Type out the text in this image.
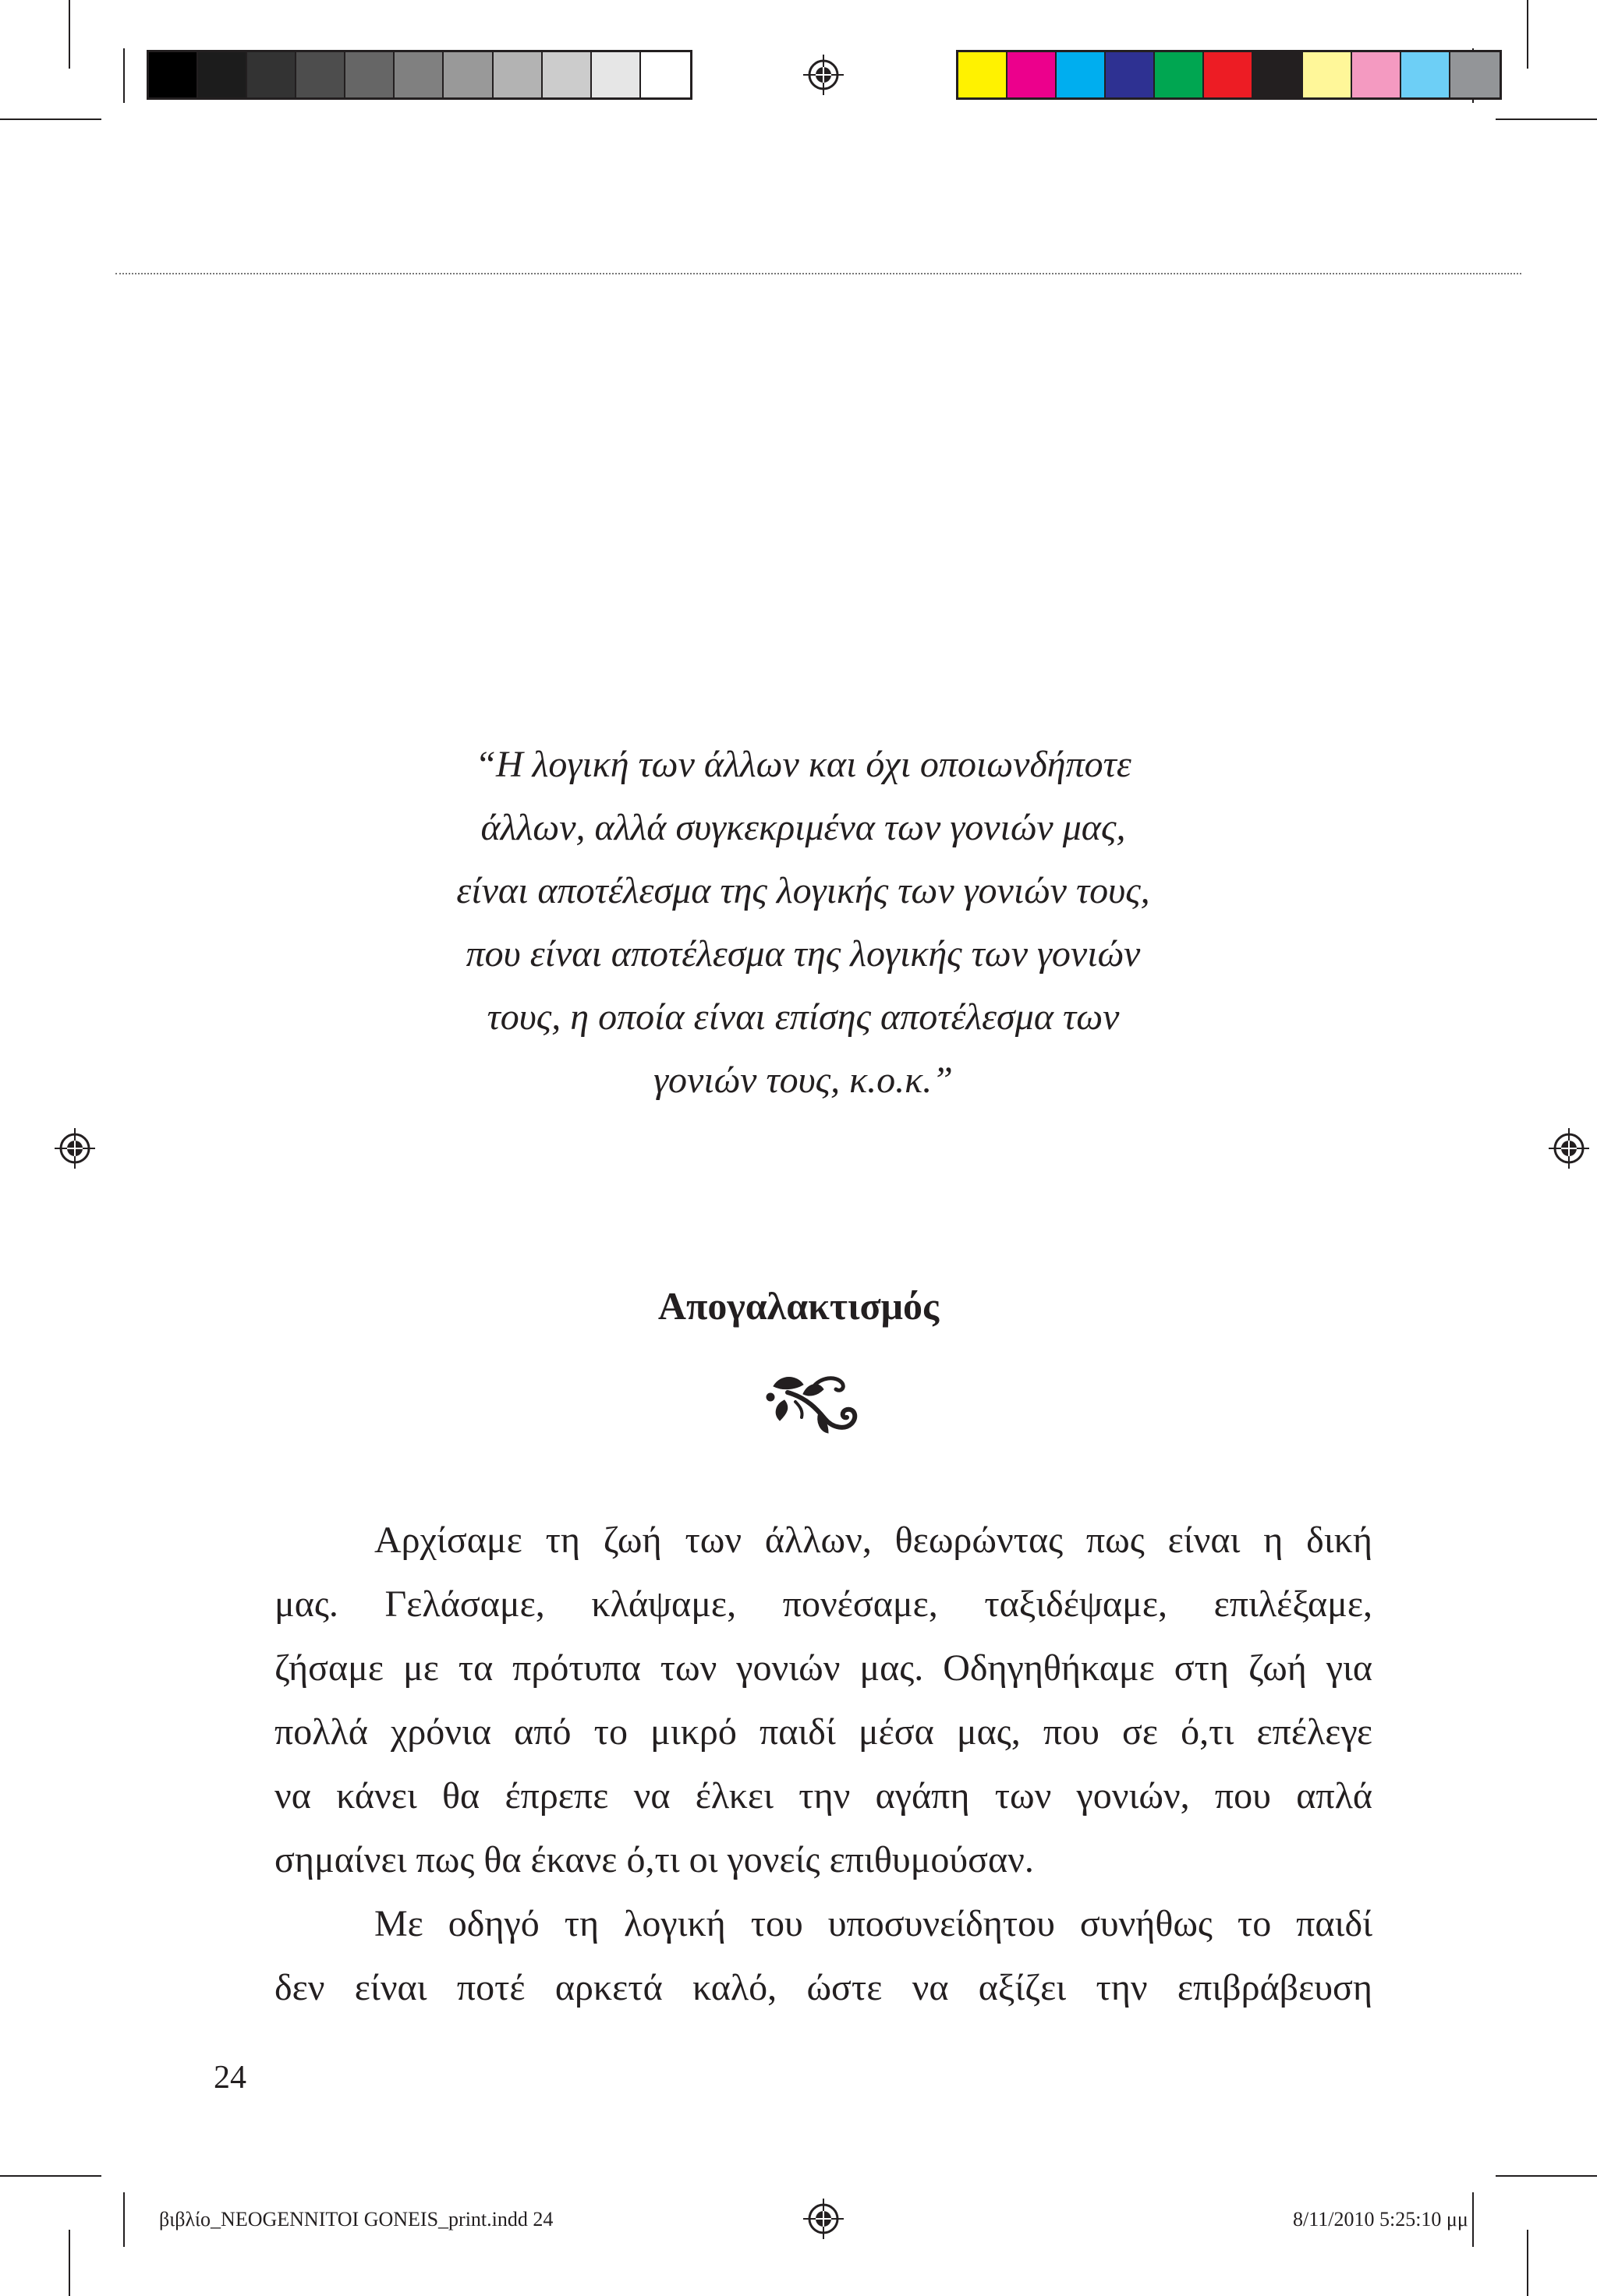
“Η λογική των άλλων και όχι οποιωνδήποτε
άλλων, αλλά συγκεκριμένα των γονιών μας,
είναι αποτέλεσμα της λογικής των γονιών τους,
που είναι αποτέλεσμα της λογικής των γονιών
τους, η οποία είναι επίσης αποτέλεσμα των
γονιών τους, κ.ο.κ.”
Απογαλακτισμός
Αρχίσαμε τη ζωή των άλλων, θεωρώντας πως είναι η δική
μας. Γελάσαμε, κλάψαμε, πονέσαμε, ταξιδέψαμε, επιλέξαμε,
ζήσαμε με τα πρότυπα των γονιών μας. Οδηγηθήκαμε στη ζωή για
πολλά χρόνια από το μικρό παιδί μέσα μας, που σε ό,τι επέλεγε
να κάνει θα έπρεπε να έλκει την αγάπη των γονιών, που απλά
σημαίνει πως θα έκανε ό,τι οι γονείς επιθυμούσαν.
Με οδηγό τη λογική του υποσυνείδητου συνήθως το παιδί
δεν είναι ποτέ αρκετά καλό, ώστε να αξίζει την επιβράβευση
24
βιβλίο_NEOGENNITOI GONEIS_print.indd 24	8/11/2010 5:25:10 μμ
